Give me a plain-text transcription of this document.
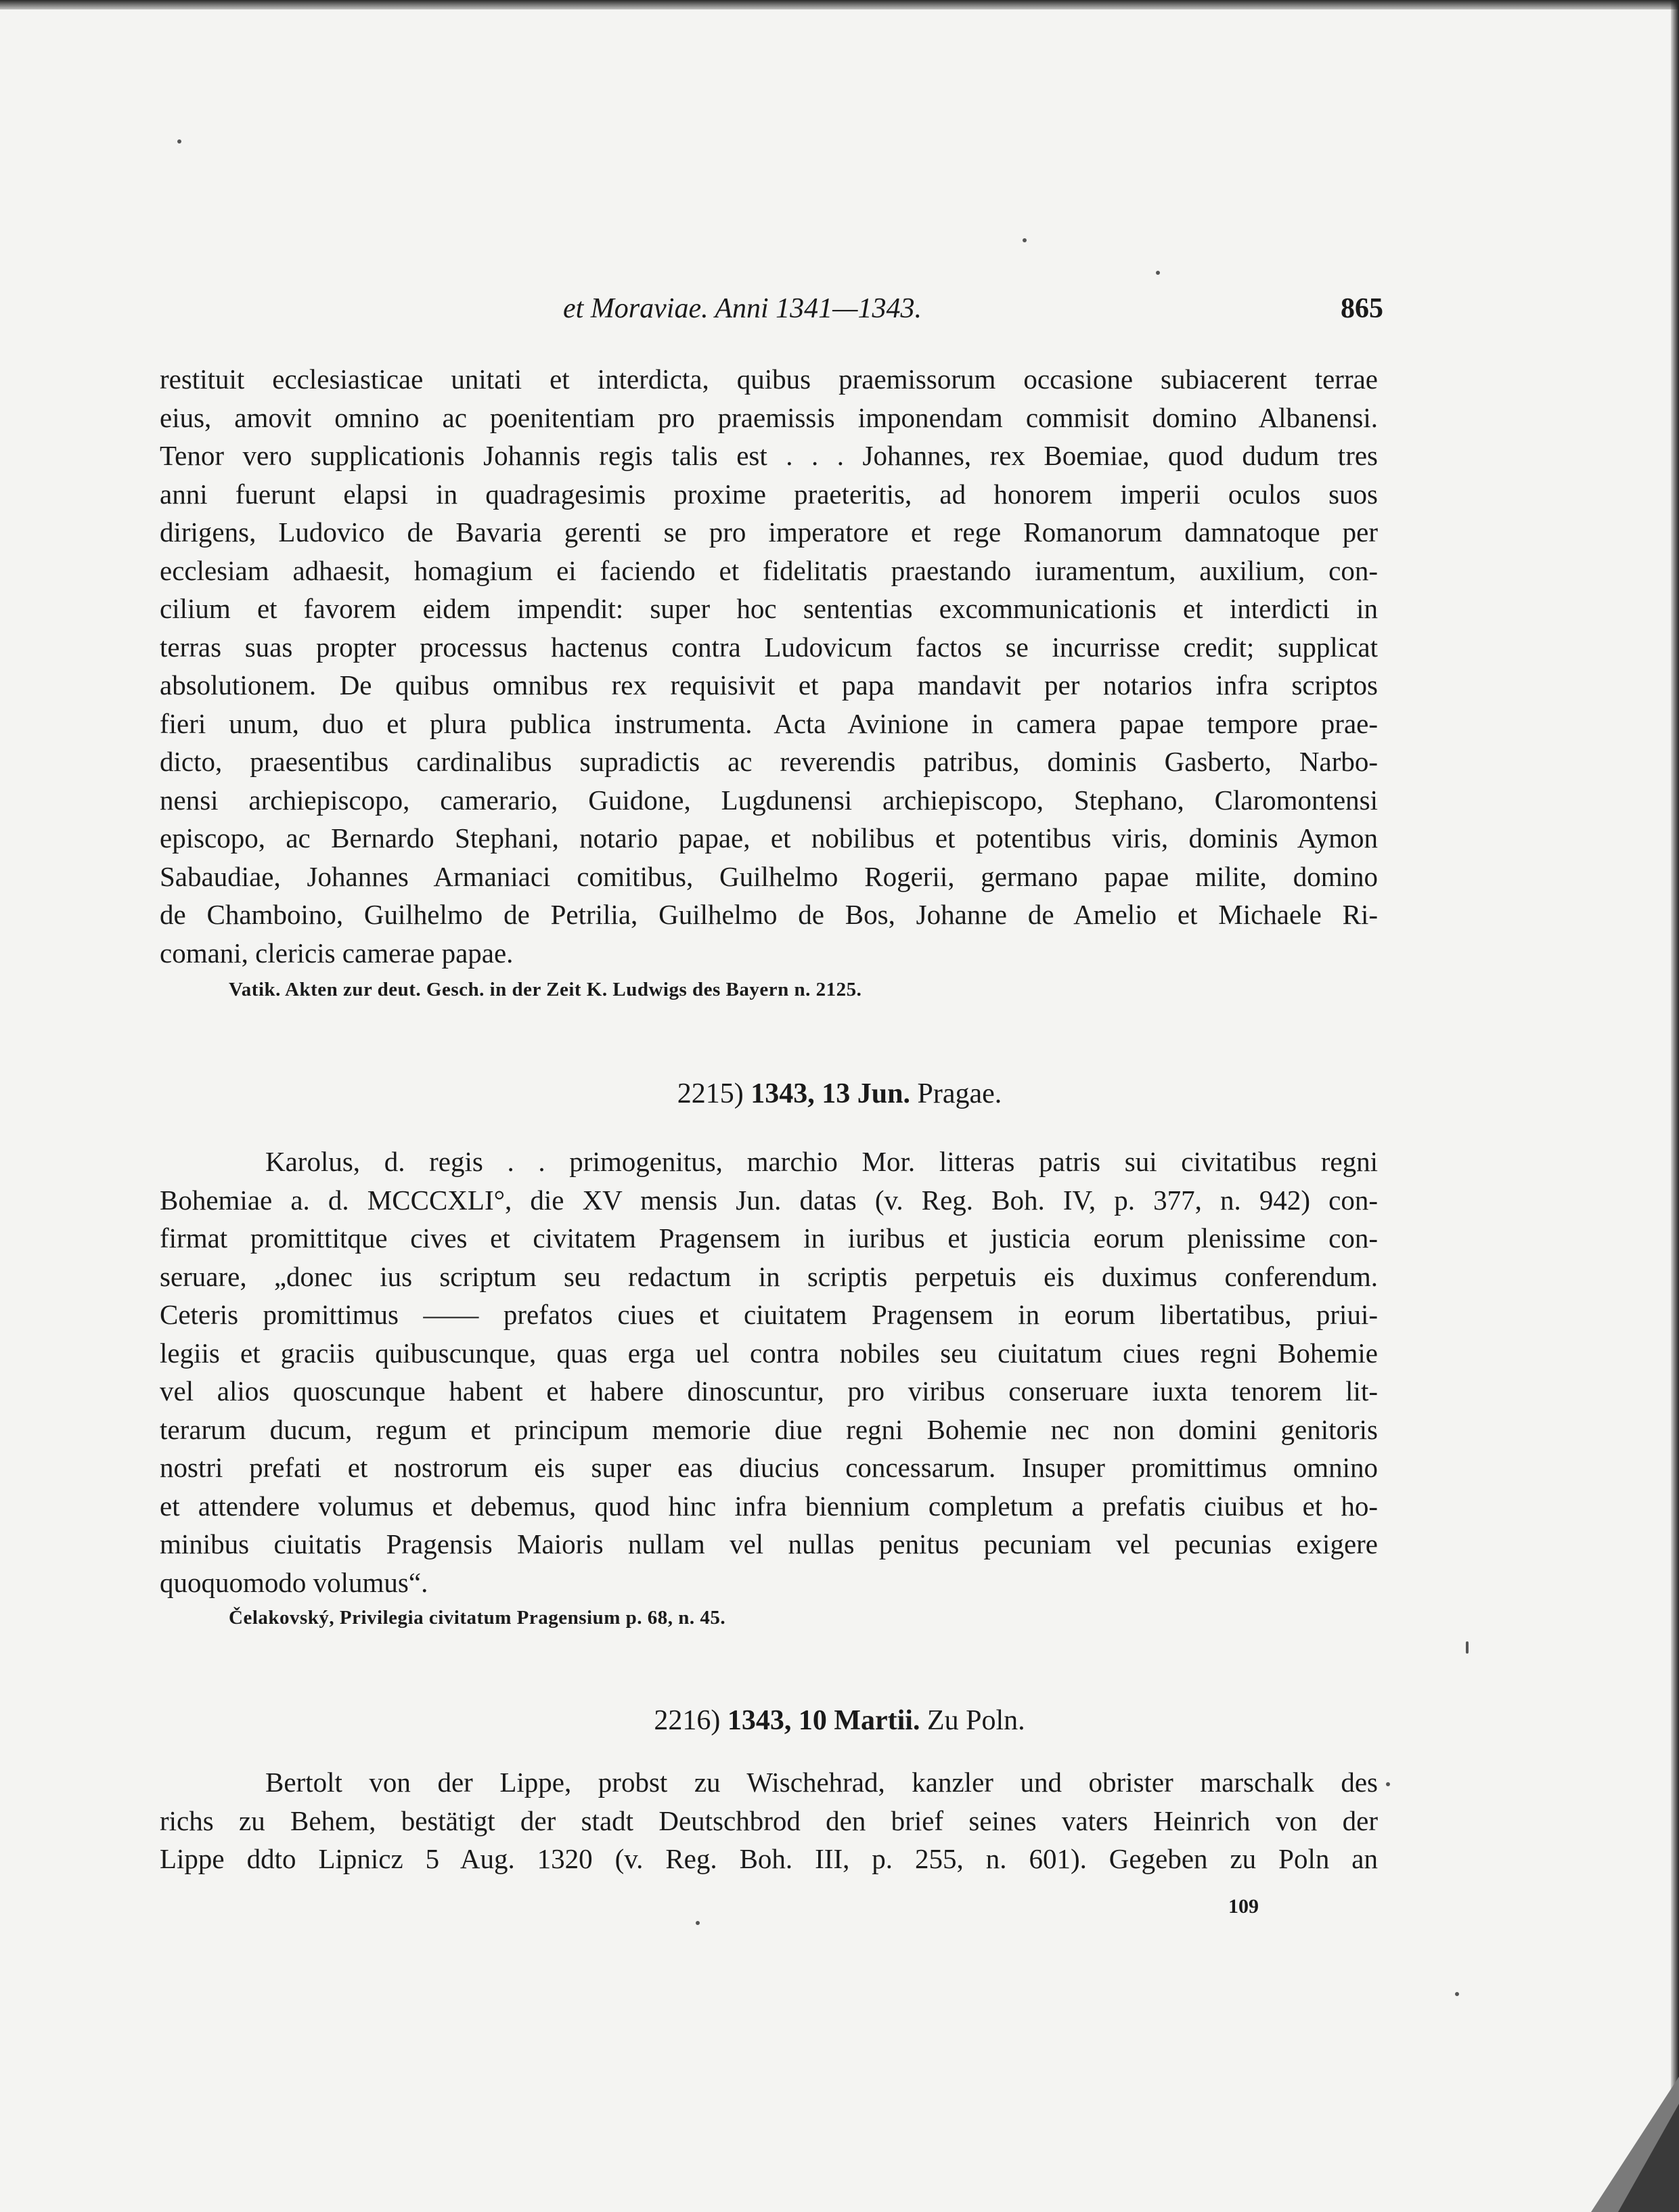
et Moraviae. Anni 1341—1343.	865
restituit ecclesiasticae unitati et interdicta, quibus praemissorum occasione subiacerent terrae
eius, amovit omnino ac poenitentiam pro praemissis imponendam commisit domino Albanensi.
Tenor vero supplicationis Johannis regis talis est . . . Johannes, rex Boemiae, quod dudum tres
anni fuerunt elapsi in quadragesimis proxime praeteritis, ad honorem imperii oculos suos
dirigens, Ludovico de Bavaria gerenti se pro imperatore et rege Romanorum damnatoque per
ecclesiam adhaesit, homagium ei faciendo et fidelitatis praestando iuramentum, auxilium, con-
cilium et favorem eidem impendit: super hoc sententias excommunicationis et interdicti in
terras suas propter processus hactenus contra Ludovicum factos se incurrisse credit; supplicat
absolutionem. De quibus omnibus rex requisivit et papa mandavit per notarios infra scriptos
fieri unum, duo et plura publica instrumenta. Acta Avinione in camera papae tempore prae-
dicto, praesentibus cardinalibus supradictis ac reverendis patribus, dominis Gasberto, Narbo-
nensi archiepiscopo, camerario, Guidone, Lugdunensi archiepiscopo, Stephano, Claromontensi
episcopo, ac Bernardo Stephani, notario papae, et nobilibus et potentibus viris, dominis Aymon
Sabaudiae, Johannes Armaniaci comitibus, Guilhelmo Rogerii, germano papae milite, domino
de Chamboino, Guilhelmo de Petrilia, Guilhelmo de Bos, Johanne de Amelio et Michaele Ri-
comani, clericis camerae papae.
Vatik. Akten zur deut. Gesch. in der Zeit K. Ludwigs des Bayern n. 2125.
2215) 1343, 13 Jun. Pragae.
Karolus, d. regis . . primogenitus, marchio Mor. litteras patris sui civitatibus regni
Bohemiae a. d. MCCCXLI°, die XV mensis Jun. datas (v. Reg. Boh. IV, p. 377, n. 942) con-
firmat promittitque cives et civitatem Pragensem in iuribus et justicia eorum plenissime con-
seruare, „donec ius scriptum seu redactum in scriptis perpetuis eis duximus conferendum.
Ceteris promittimus —— prefatos ciues et ciuitatem Pragensem in eorum libertatibus, priui-
legiis et graciis quibuscunque, quas erga uel contra nobiles seu ciuitatum ciues regni Bohemie
vel alios quoscunque habent et habere dinoscuntur, pro viribus conseruare iuxta tenorem lit-
terarum ducum, regum et principum memorie diue regni Bohemie nec non domini genitoris
nostri prefati et nostrorum eis super eas diucius concessarum. Insuper promittimus omnino
et attendere volumus et debemus, quod hinc infra biennium completum a prefatis ciuibus et ho-
minibus ciuitatis Pragensis Maioris nullam vel nullas penitus pecuniam vel pecunias exigere
quoquomodo volumus“.
Čelakovský, Privilegia civitatum Pragensium p. 68, n. 45.
2216) 1343, 10 Martii. Zu Poln.
Bertolt von der Lippe, probst zu Wischehrad, kanzler und obrister marschalk des
richs zu Behem, bestätigt der stadt Deutschbrod den brief seines vaters Heinrich von der
Lippe ddto Lipnicz 5 Aug. 1320 (v. Reg. Boh. III, p. 255, n. 601). Gegeben zu Poln an
109
